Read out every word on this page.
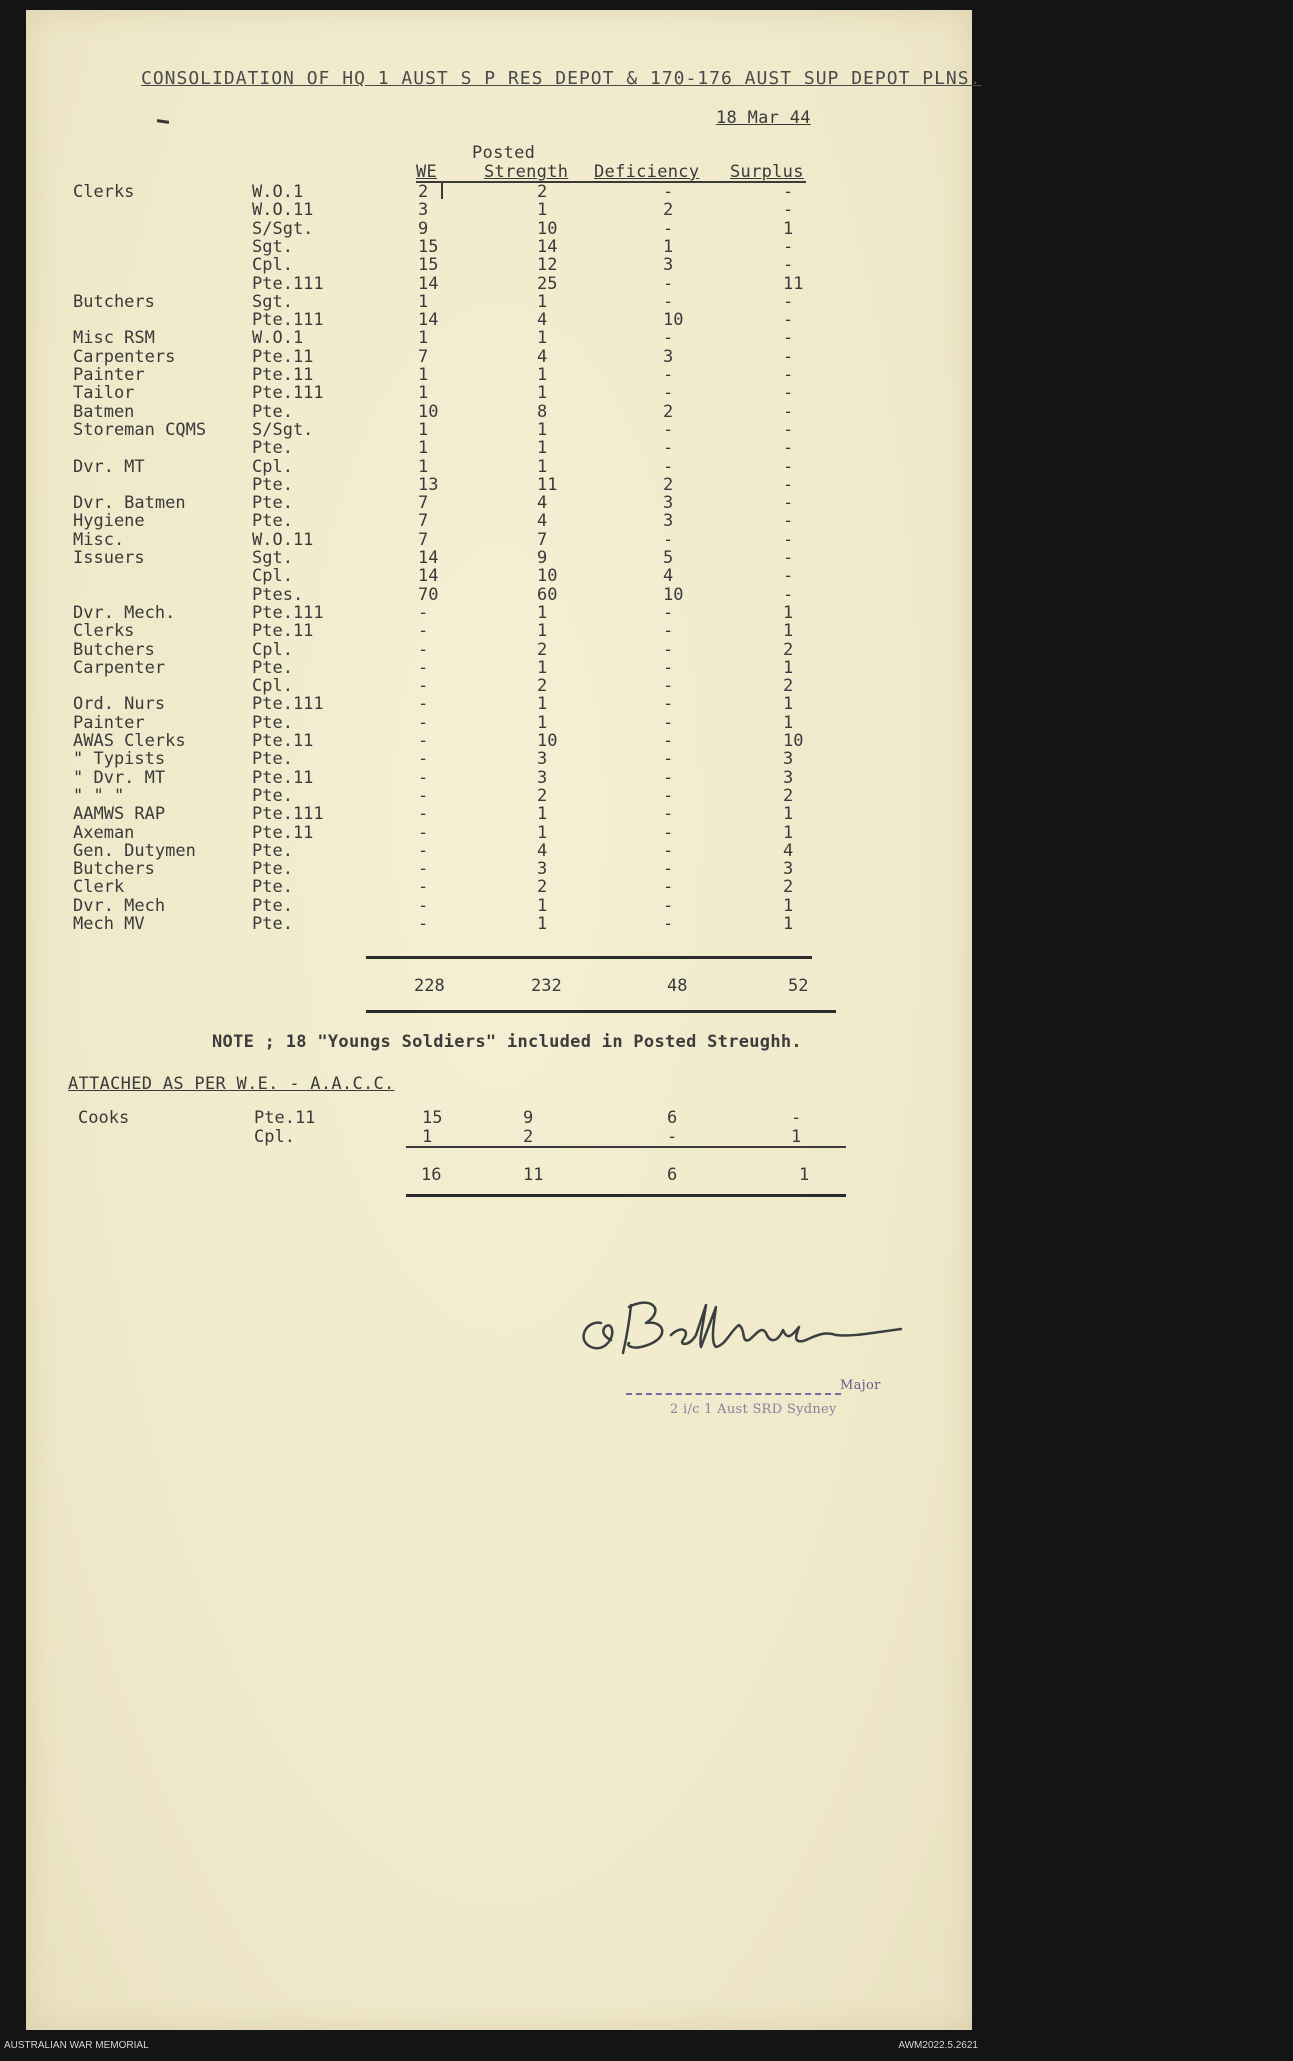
CONSOLIDATION OF HQ 1 AUST S P RES DEPOT & 170-176 AUST SUP DEPOT PLNS.
18 Mar 44
Posted
WE	Strength Deficiency Surplus
Clerks	W.O.1	2	2	-	-
W.O.11	3	1	2	-
S/Sgt.	9	10	-	1
Sgt.	15	14	1	-
Cpl.	15	12	3	-
Pte.111	14	25	-	11
Butchers	Sgt.	1	1	-	-
Pte.111	14	4	10	-
Misc RSM	W.O.1	1	1	-	-
Carpenters	Pte.11	7	4	3	-
Painter	Pte.11	1	1	-	-
Tailor	Pte.111	1	1	-	-
Batmen	Pte.	10	8	2	-
Storeman CQMS	S/Sgt.	1	1	-	-
Pte.	1	1	-	-
Dvr. MT	Cpl.	1	1	-	-
Pte.	13	11	2	-
Dvr. Batmen	Pte.	7	4	3	-
Hygiene	Pte.	7	4	3	-
Misc.	W.O.11	7	7	-	-
Issuers	Sgt.	14	9	5	-
Cpl.	14	10	4	-
Ptes.	70	60	10	-
Dvr. Mech.	Pte.111	-	1	-	1
Clerks	Pte.11	-	1	-	1
Butchers	Cpl.	-	2	-	2
Carpenter	Pte.	-	1	-	1
Cpl.	-	2	-	2
Ord. Nurs	Pte.111	-	1	-	1
Painter	Pte.	-	1	-	1
AWAS Clerks	Pte.11	-	10	-	10
" Typists	Pte.	-	3	-	3
" Dvr. MT	Pte.11	-	3	-	3
" " "	Pte.	-	2	-	2
AAMWS RAP	Pte.111	-	1	-	1
Axeman	Pte.11	-	1	-	1
Gen. Dutymen	Pte.	-	4	-	4
Butchers	Pte.	-	3	-	3
Clerk	Pte.	-	2	-	2
Dvr. Mech	Pte.	-	1	-	1
Mech MV	Pte.	-	1	-	1
228	232	48	52
NOTE ; 18 "Youngs Soldiers" included in Posted Streughh.
ATTACHED AS PER W.E. - A.A.C.C.
Cooks	Pte.11	15	9	6	-
Cpl.	1	2	-	1
16	11	6	1
Major
2 i/c 1 Aust SRD Sydney
AUSTRALIAN WAR MEMORIAL	AWM2022.5.2621
